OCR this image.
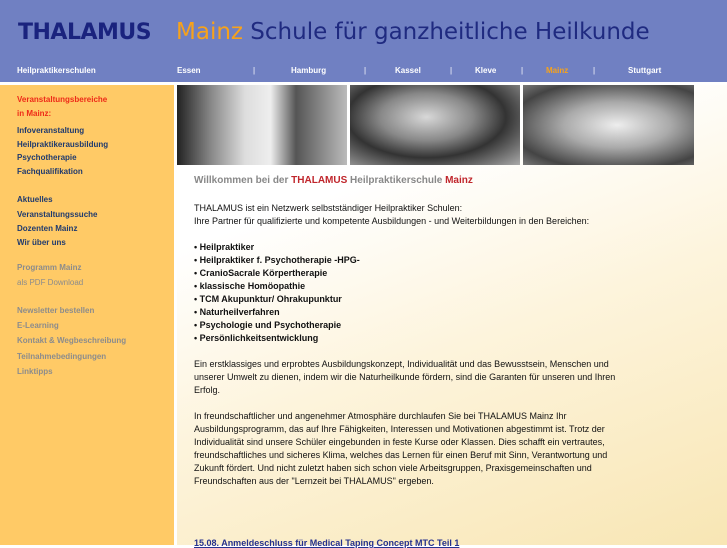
THALAMUS Mainz Schule für ganzheitliche Heilkunde
Heilpraktikerschulen	Essen	|	Hamburg	|	Kassel	|	Kleve	|	Mainz	|	Stuttgart
Veranstaltungsbereiche
in Mainz:
Infoveranstaltung
Heilpraktikerausbildung
Psychotherapie
Fachqualifikation
Aktuelles
Veranstaltungssuche
Dozenten Mainz
Wir über uns
Programm Mainz
als PDF Download
Newsletter bestellen
E-Learning
Kontakt & Wegbeschreibung
Teilnahmebedingungen
Linktipps
Willkommen bei der THALAMUS Heilpraktikerschule Mainz
THALAMUS ist ein Netzwerk selbstständiger Heilpraktiker Schulen:
Ihre Partner für qualifizierte und kompetente Ausbildungen - und Weiterbildungen in den Bereichen:
• Heilpraktiker
• Heilpraktiker f. Psychotherapie -HPG-
• CranioSacrale Körpertherapie
• klassische Homöopathie
• TCM Akupunktur/ Ohrakupunktur
• Naturheilverfahren
• Psychologie und Psychotherapie
• Persönlichkeitsentwicklung
Ein erstklassiges und erprobtes Ausbildungskonzept, Individualität und das Bewusstsein, Menschen und unserer Umwelt zu dienen, indem wir die Naturheilkunde fördern, sind die Garanten für unseren und Ihren Erfolg.
In freundschaftlicher und angenehmer Atmosphäre durchlaufen Sie bei THALAMUS Mainz Ihr Ausbildungsprogramm, das auf Ihre Fähigkeiten, Interessen und Motivationen abgestimmt ist. Trotz der Individualität sind unsere Schüler eingebunden in feste Kurse oder Klassen. Dies schafft ein vertrautes, freundschaftliches und sicheres Klima, welches das Lernen für einen Beruf mit Sinn, Verantwortung und Zukunft fördert. Und nicht zuletzt haben sich schon viele Arbeitsgruppen, Praxisgemeinschaften und Freundschaften aus der "Lernzeit bei THALAMUS" ergeben.
15.08. Anmeldeschluss für Medical Taping Concept MTC Teil 1
